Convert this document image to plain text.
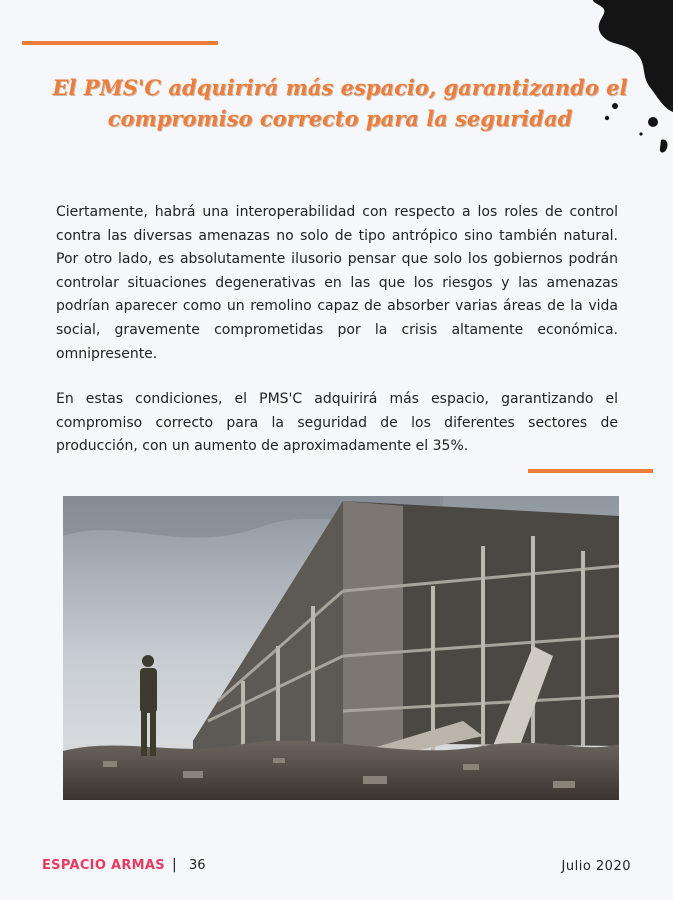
El PMS'C adquirirá más espacio, garantizando el compromiso correcto para la seguridad

Ciertamente, habrá una interoperabilidad con respecto a los roles de control contra las diversas amenazas no solo de tipo antrópico sino también natural. Por otro lado, es absolutamente ilusorio pensar que solo los gobiernos podrán controlar situaciones degenerativas en las que los riesgos y las amenazas podrían aparecer como un remolino capaz de absorber varias áreas de la vida social, gravemente comprometidas por la crisis altamente económica. omnipresente.

En estas condiciones, el PMS'C adquirirá más espacio, garantizando el compromiso correcto para la seguridad de los diferentes sectores de producción, con un aumento de aproximadamente el 35%.

ESPACIO ARMAS | 36	Julio 2020
